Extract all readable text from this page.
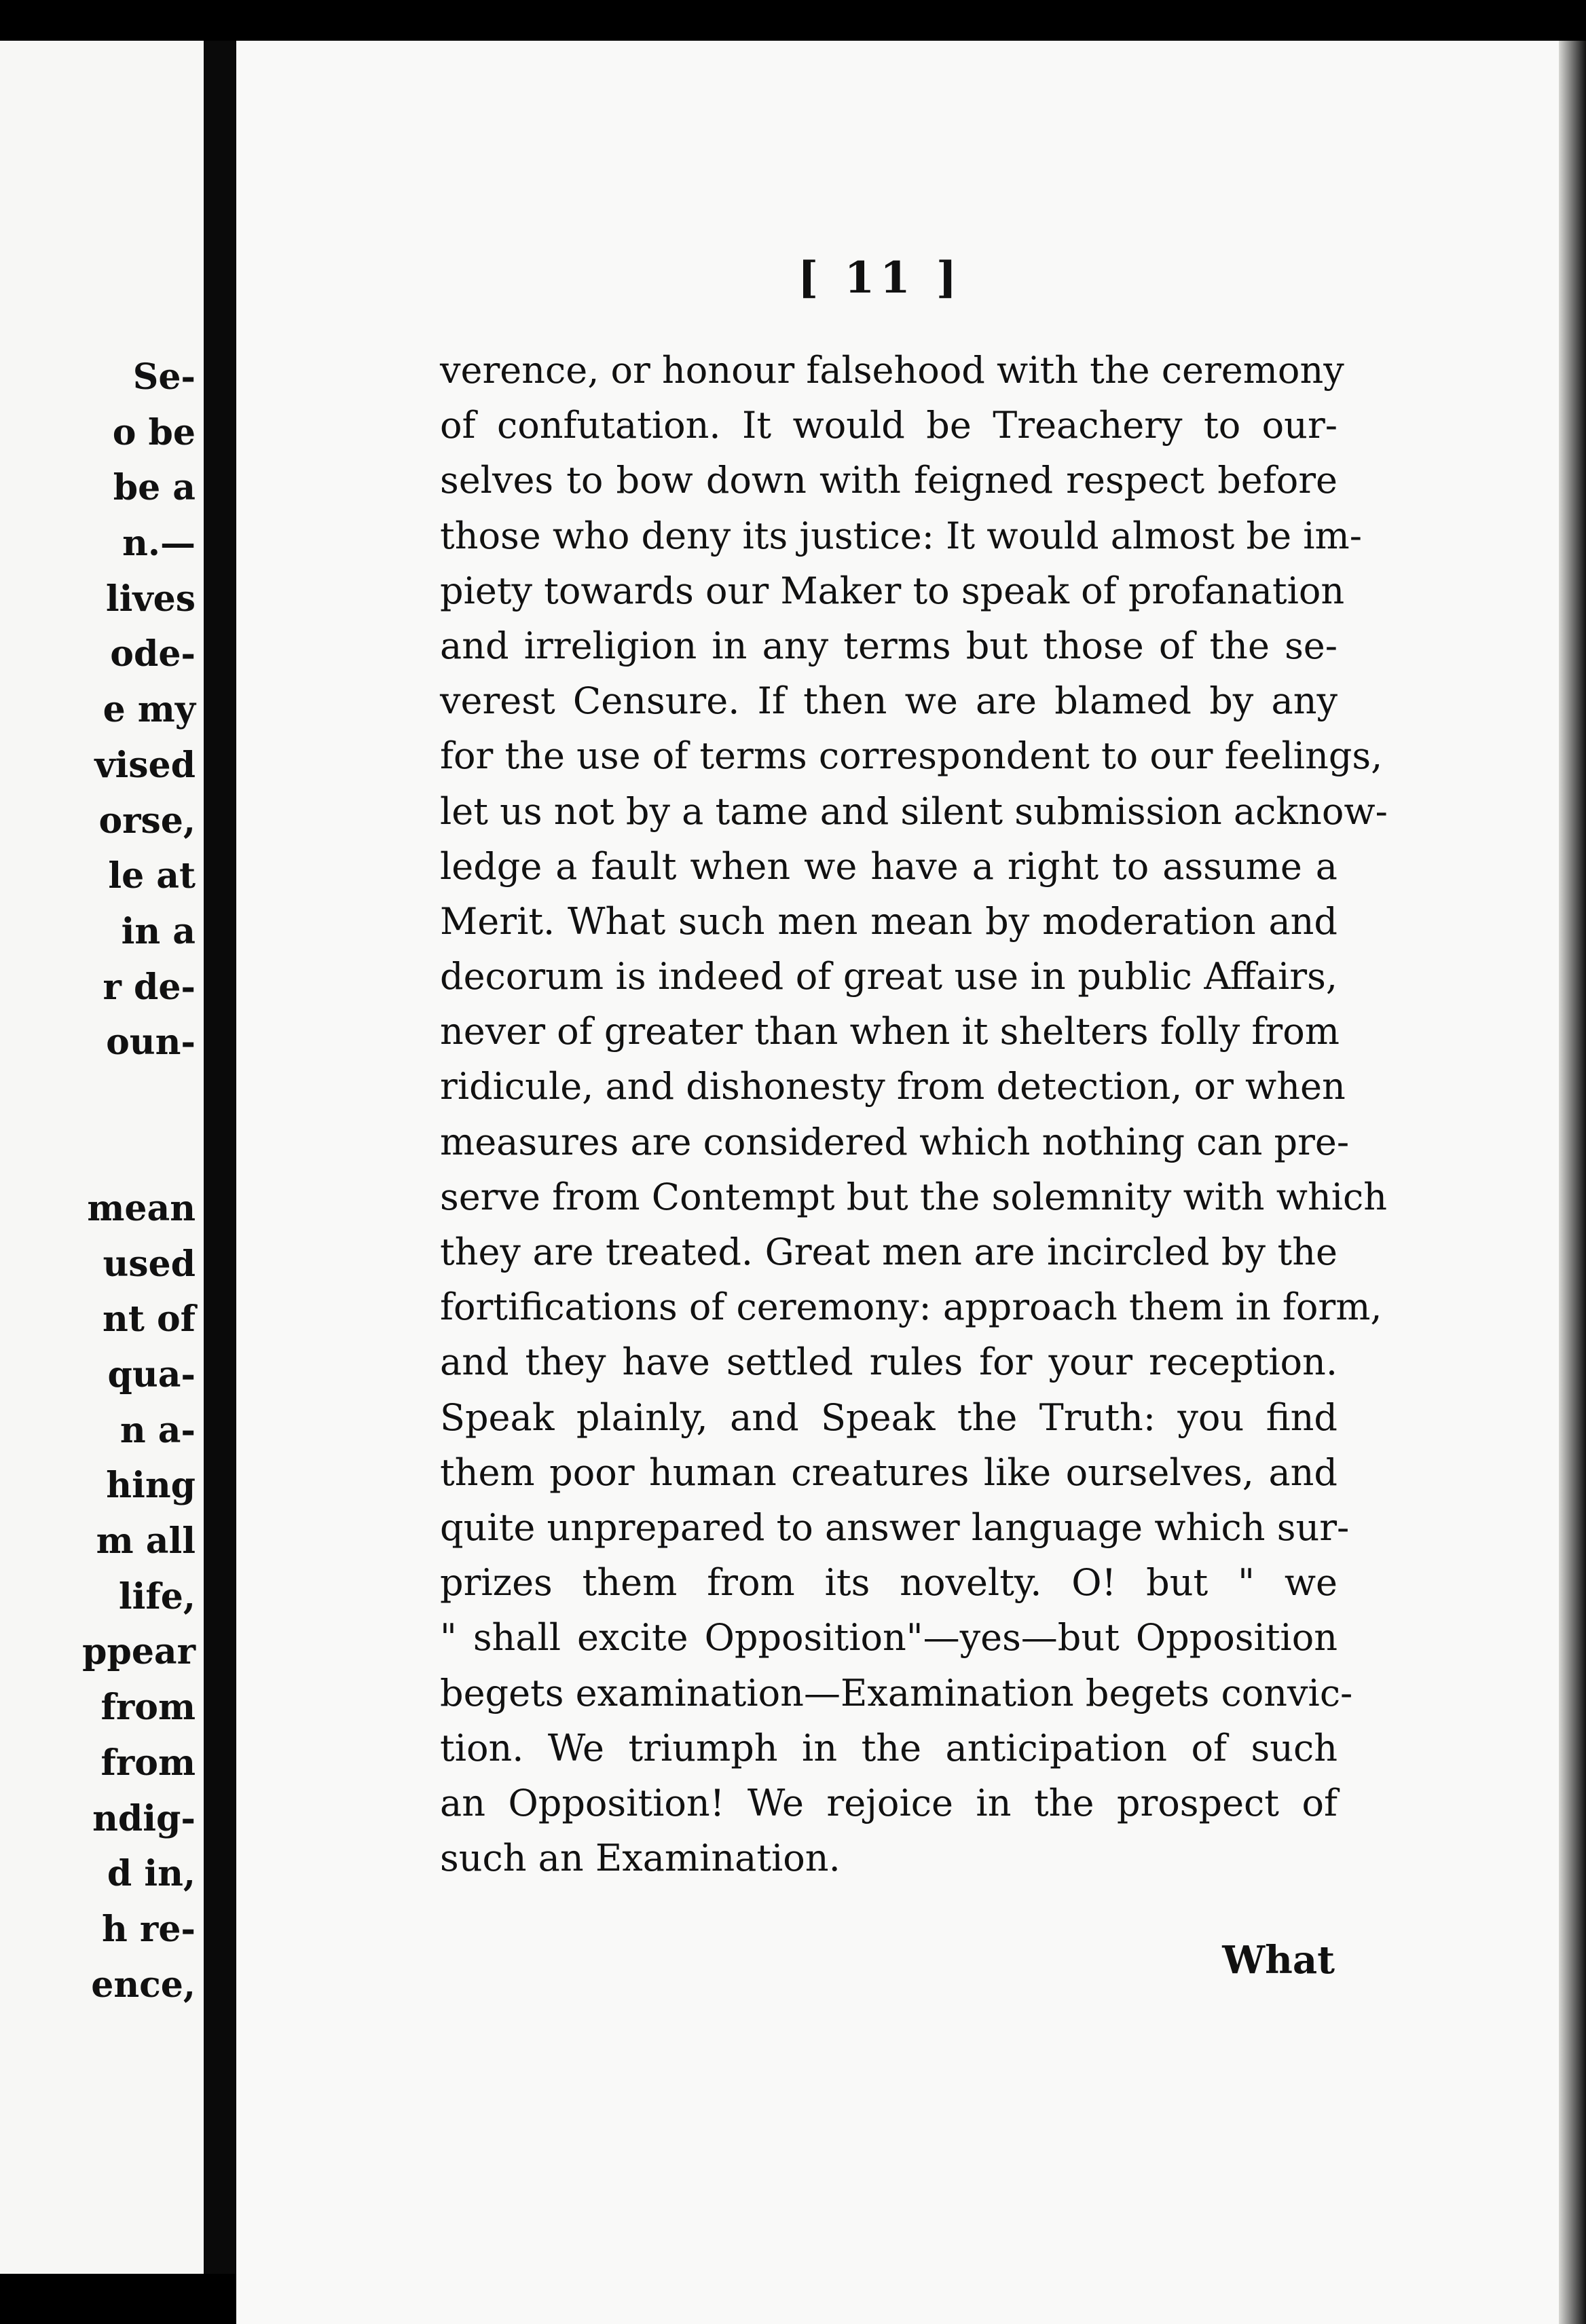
Se-
o be
be a
n.—
lives
ode-
e my
vised
orse,
le at
in a
r de-
oun-
mean
used
nt of
qua-
n a-
hing
m all
life,
ppear
from
from
ndig-
d in,
h re-
ence,
[ 11 ]
verence, or honour falsehood with the ceremony
of confutation. It would be Treachery to our-
selves to bow down with feigned respect before
those who deny its justice: It would almost be im-
piety towards our Maker to speak of profanation
and irreligion in any terms but those of the se-
verest Censure. If then we are blamed by any
for the use of terms correspondent to our feelings,
let us not by a tame and silent submission acknow-
ledge a fault when we have a right to assume a
Merit. What such men mean by moderation and
decorum is indeed of great use in public Affairs,
never of greater than when it shelters folly from
ridicule, and dishonesty from detection, or when
measures are considered which nothing can pre-
serve from Contempt but the solemnity with which
they are treated. Great men are incircled by the
fortifications of ceremony: approach them in form,
and they have settled rules for your reception.
Speak plainly, and Speak the Truth: you find
them poor human creatures like ourselves, and
quite unprepared to answer language which sur-
prizes them from its novelty. O! but " we
" shall excite Opposition"—yes—but Opposition
begets examination—Examination begets convic-
tion. We triumph in the anticipation of such
an Opposition! We rejoice in the prospect of
such an Examination.
What
